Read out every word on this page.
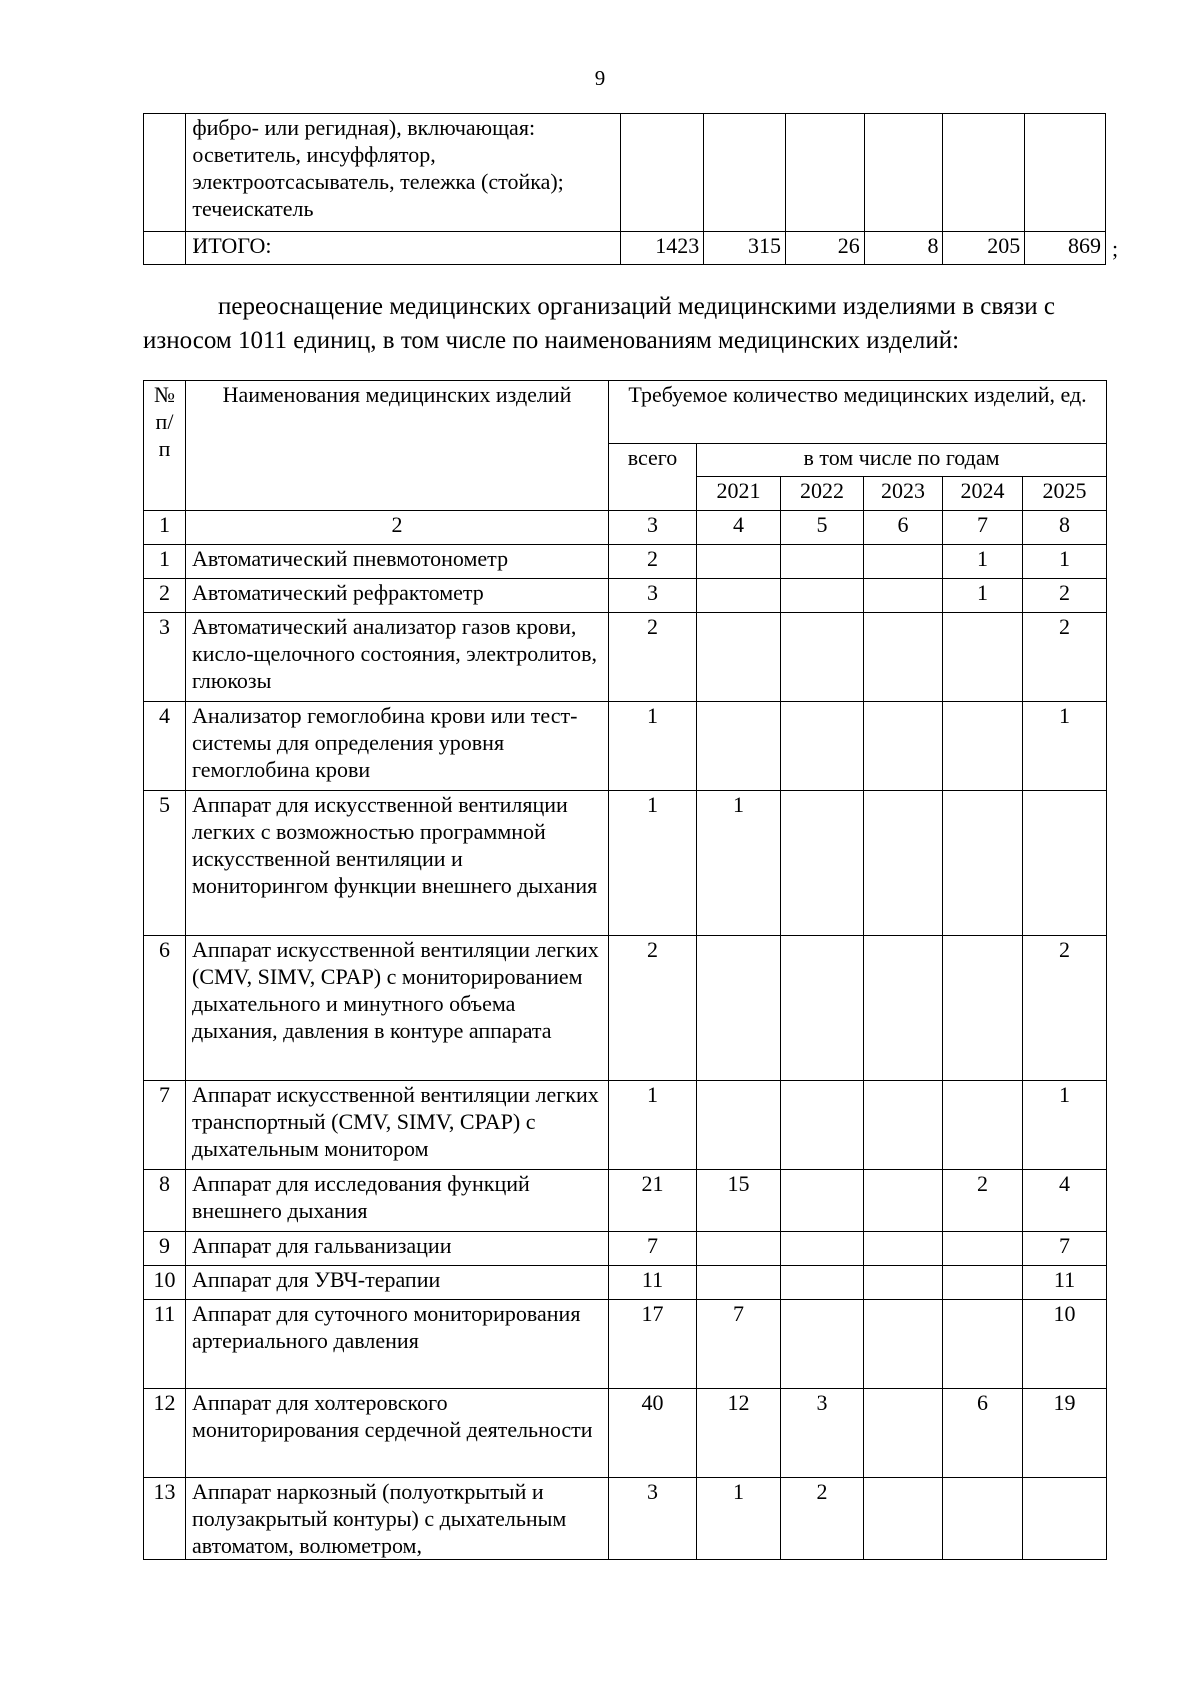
9
	фибро- или регидная), включающая: осветитель, инсуффлятор, электроотсасыватель, тележка (стойка); течеискатель						
	ИТОГО:	1423	315	26	8	205	869 ;
переоснащение медицинских организаций медицинскими изделиями в связи с износом 1011 единиц, в том числе по наименованиям медицинских изделий:
№ п/п	Наименования медицинских изделий	Требуемое количество медицинских изделий, ед.					
		всего	в том числе по годам				
			2021	2022	2023	2024	2025
1	2	3	4	5	6	7	8
1	Автоматический пневмотонометр	2				1	1
2	Автоматический рефрактометр	3				1	2
3	Автоматический анализатор газов крови, кисло-щелочного состояния, электролитов, глюкозы	2					2
4	Анализатор гемоглобина крови или тест-системы для определения уровня гемоглобина крови	1					1
5	Аппарат для искусственной вентиляции легких с возможностью программной искусственной вентиляции и мониторингом функции внешнего дыхания	1	1				
6	Аппарат искусственной вентиляции легких (CMV, SIMV, CPAP) с мониторированием дыхательного и минутного объема дыхания, давления в контуре аппарата	2					2
7	Аппарат искусственной вентиляции легких транспортный (CMV, SIMV, CPAP) с дыхательным монитором	1					1
8	Аппарат для исследования функций внешнего дыхания	21	15			2	4
9	Аппарат для гальванизации	7					7
10	Аппарат для УВЧ-терапии	11					11
11	Аппарат для суточного мониторирования артериального давления	17	7				10
12	Аппарат для холтеровского мониторирования сердечной деятельности	40	12	3		6	19
13	Аппарат наркозный (полуоткрытый и полузакрытый контуры) с дыхательным автоматом, волюметром,	3	1	2			
